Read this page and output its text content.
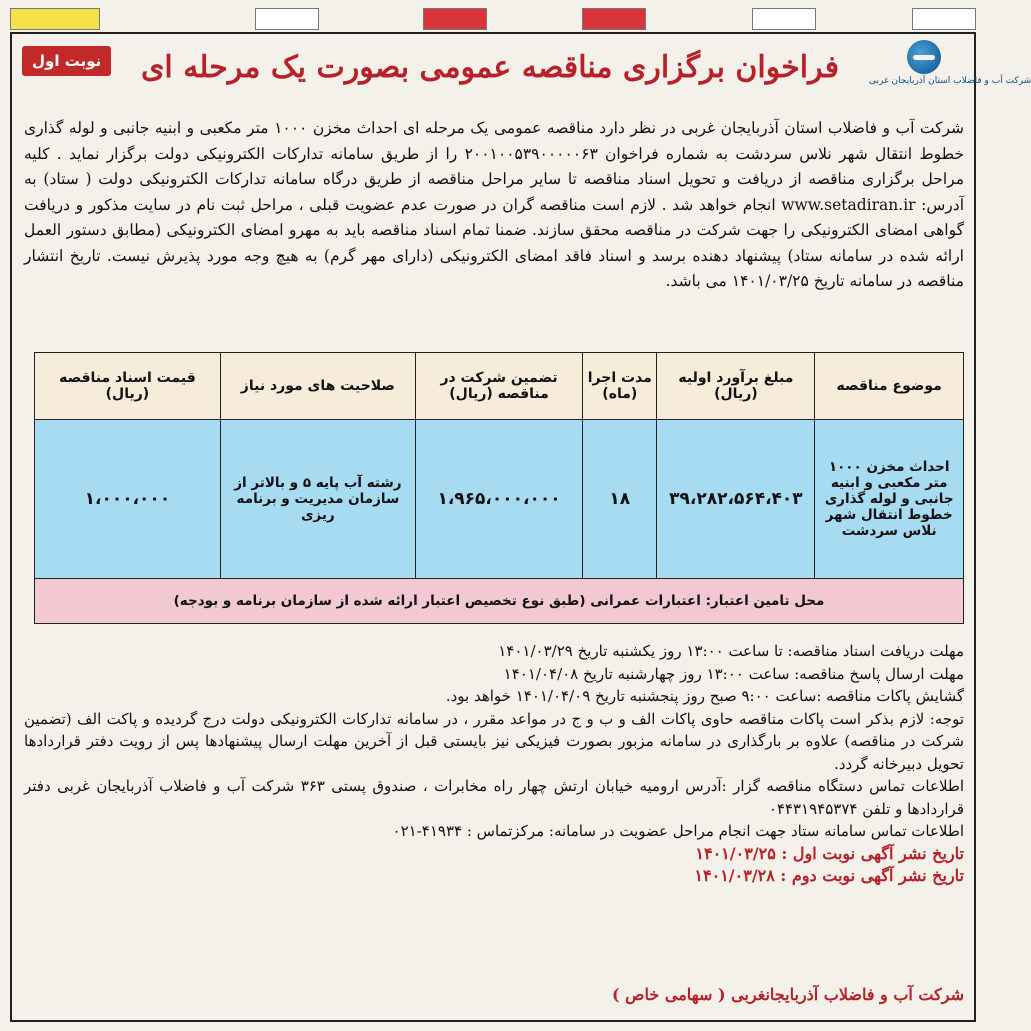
شرکت آب و فاضلاب استان آذربایجان غربی
نوبت اول	فراخوان برگزاری مناقصه عمومی بصورت یک مرحله ای
شرکت آب و فاضلاب استان آذربایجان غربی در نظر دارد مناقصه عمومی یک مرحله ای احداث مخزن ۱۰۰۰ متر مکعبی و ابنیه جانبی و لوله گذاری خطوط انتقال شهر نلاس سردشت به شماره فراخوان ۲۰۰۱۰۰۵۳۹۰۰۰۰۰۶۳ را از طریق سامانه تدارکات الکترونیکی دولت برگزار نماید . کلیه مراحل برگزاری مناقصه از دریافت و تحویل اسناد مناقصه تا سایر مراحل مناقصه از طریق درگاه سامانه تدارکات الکترونیکی دولت ( ستاد) به آدرس: www.setadiran.ir انجام خواهد شد . لازم است مناقصه گران در صورت عدم عضویت قبلی ، مراحل ثبت نام در سایت مذکور و دریافت گواهی امضای الکترونیکی را جهت شرکت در مناقصه محقق سازند. ضمنا تمام اسناد مناقصه باید به مهرو امضای الکترونیکی (مطابق دستور العمل ارائه شده در سامانه ستاد) پیشنهاد دهنده برسد و اسناد فاقد امضای الکترونیکی (دارای مهر گرم) به هیچ وجه مورد پذیرش نیست. تاریخ انتشار مناقصه در سامانه تاریخ ۱۴۰۱/۰۳/۲۵ می باشد.
موضوع مناقصه	مبلغ برآورد اولیه (ریال)	مدت اجرا (ماه)	تضمین شرکت در مناقصه (ریال)	صلاحیت های مورد نیاز	قیمت اسناد مناقصه (ریال)
احداث مخزن ۱۰۰۰ متر مکعبی و ابنیه جانبی و لوله گذاری خطوط انتقال شهر نلاس سردشت	۳۹،۲۸۲،۵۶۴،۴۰۳	۱۸	۱،۹۶۵،۰۰۰،۰۰۰	رشته آب پایه ۵ و بالاتر از سازمان مدیریت و برنامه ریزی	۱،۰۰۰،۰۰۰
محل تامین اعتبار: اعتبارات عمرانی (طبق نوع تخصیص اعتبار ارائه شده از سازمان برنامه و بودجه)					

مهلت دریافت اسناد مناقصه: تا ساعت ۱۳:۰۰ روز یکشنبه تاریخ ۱۴۰۱/۰۳/۲۹

مهلت ارسال پاسخ مناقصه: ساعت ۱۳:۰۰ روز چهارشنبه تاریخ ۱۴۰۱/۰۴/۰۸

گشایش پاکات مناقصه :ساعت ۹:۰۰ صبح روز پنجشنبه تاریخ ۱۴۰۱/۰۴/۰۹ خواهد بود.

توجه: لازم بذکر است پاکات مناقصه حاوی پاکات الف و ب و ج در مواعد مقرر ، در سامانه تدارکات الکترونیکی دولت درج گردیده و پاکت الف (تضمین شرکت در مناقصه) علاوه بر بارگذاری در سامانه مزبور بصورت فیزیکی نیز بایستی قبل از آخرین مهلت ارسال پیشنهادها پس از رویت دفتر قراردادها تحویل دبیرخانه گردد.

اطلاعات تماس دستگاه مناقصه گزار :آدرس ارومیه خیابان ارتش چهار راه مخابرات ، صندوق پستی ۳۶۳ شرکت آب و فاضلاب آذربایجان غربی دفتر قراردادها و تلفن ۰۴۴۳۱۹۴۵۳۷۴

اطلاعات تماس سامانه ستاد جهت انجام مراحل عضویت در سامانه: مرکزتماس : ۴۱۹۳۴-۰۲۱

تاریخ نشر آگهی نوبت اول : ۱۴۰۱/۰۳/۲۵

تاریخ نشر آگهی نوبت دوم : ۱۴۰۱/۰۳/۲۸

شرکت آب و فاضلاب آذربایجانغربی ( سهامی خاص )
